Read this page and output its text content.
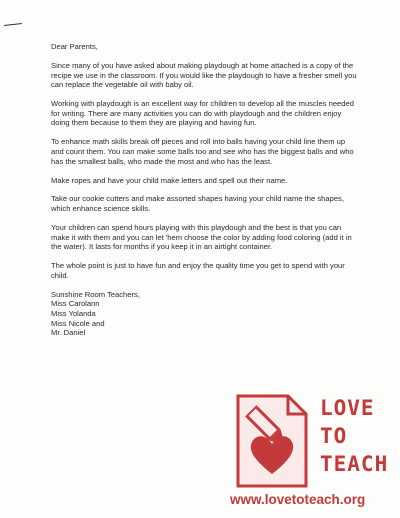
Dear Parents,

Since many of you have asked about making playdough at home attached is a copy of the recipe we use in the classroom. If you would like the playdough to have a fresher smell you can replace the vegetable oil with baby oil.

Working with playdough is an excellent way for children to develop all the muscles needed for writing. There are many activities you can do with playdough and the children enjoy doing them because to them they are playing and having fun.

To enhance math skills break off pieces and roll into balls having your child line them up and count them. You can make some balls too and see who has the biggest balls and who has the smallest balls, who made the most and who has the least.

Make ropes and have your child make letters and spell out their name.

Take our cookie cutters and make assorted shapes having your child name the shapes, which enhance science skills.

Your children can spend hours playing with this playdough and the best is that you can make it with them and you can let 'hem choose the color by adding food coloring (add it in the water). It lasts for months if you keep it in an airtight container.

The whole point is just to have fun and enjoy the quality time you get to spend with your child.

Sunshine Room Teachers,
Miss Carolann
Miss Yolanda
Miss Nicole and
Mr. Daniel
LOVE
TO
TEACH
www.lovetoteach.org
